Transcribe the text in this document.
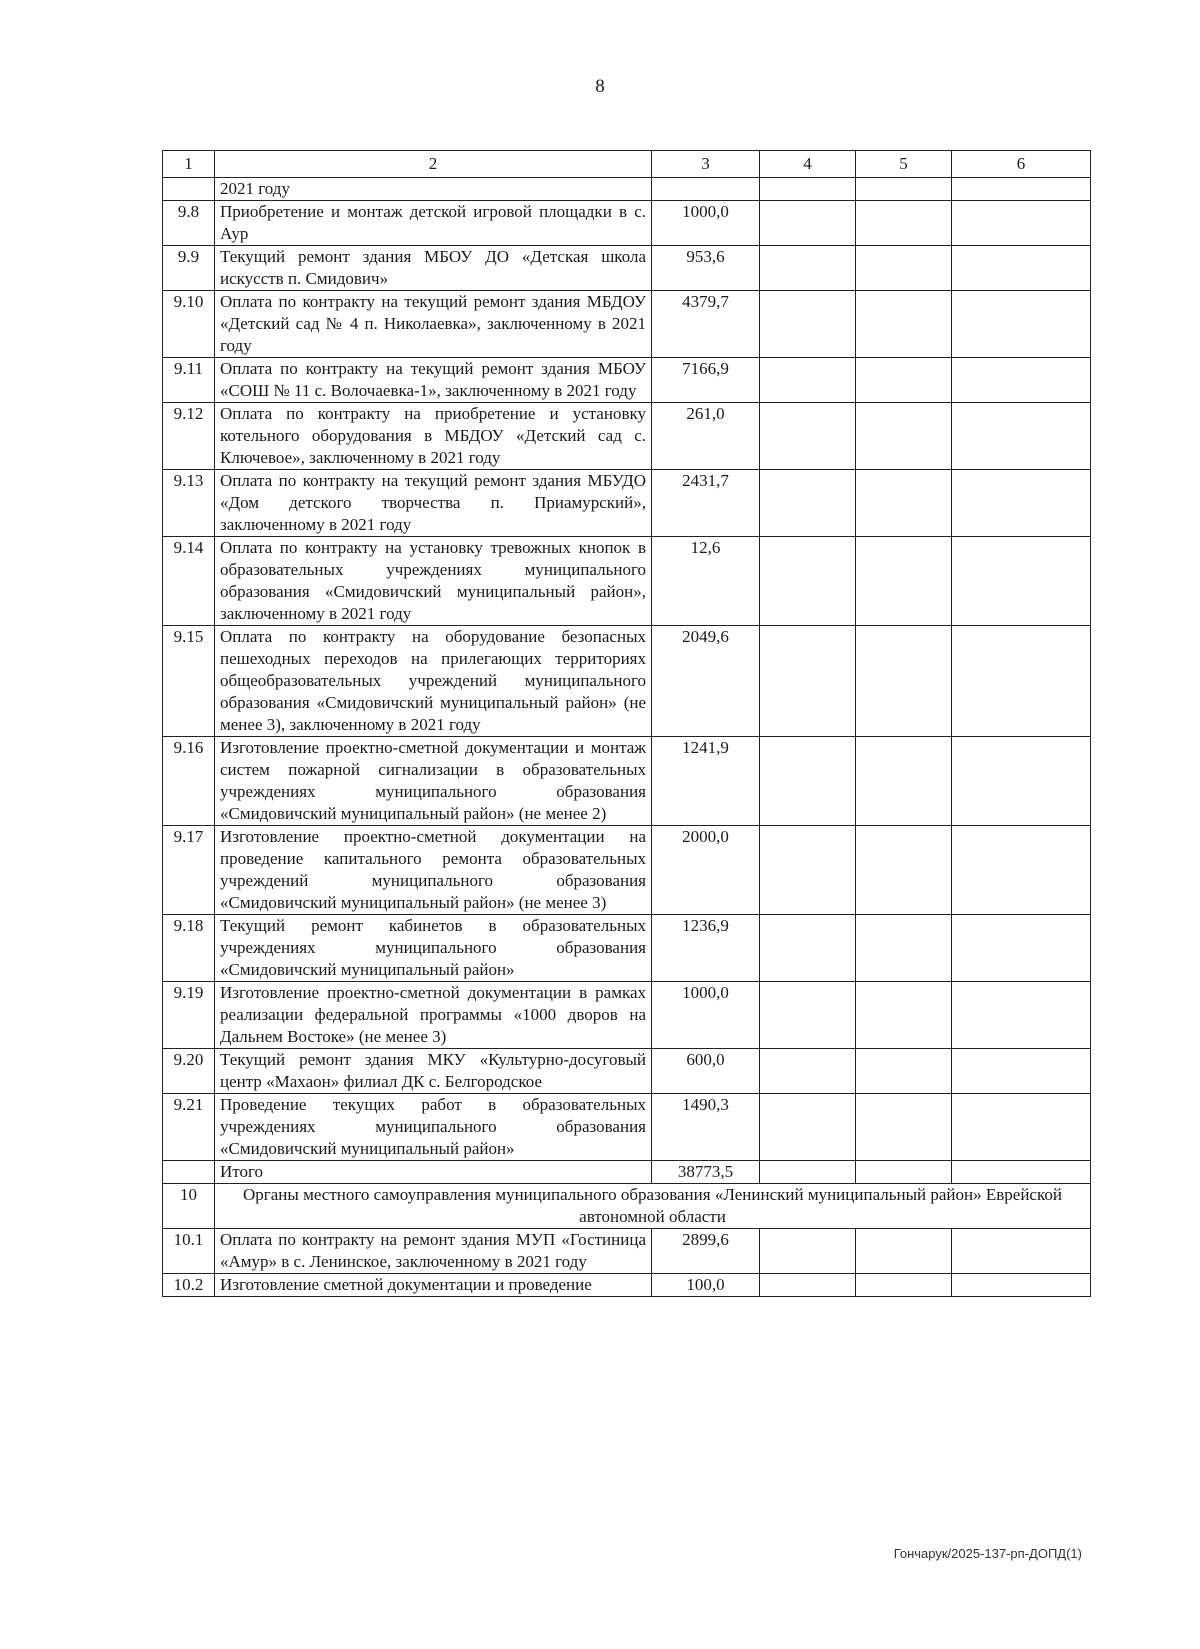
8
1	2	3	4	5	6
	2021 году				
9.8	Приобретение и монтаж детской игровой площадки в с. Аур	1000,0			
9.9	Текущий ремонт здания МБОУ ДО «Детская школа искусств п. Смидович»	953,6			
9.10	Оплата по контракту на текущий ремонт здания МБДОУ «Детский сад № 4 п. Николаевка», заключенному в 2021 году	4379,7			
9.11	Оплата по контракту на текущий ремонт здания МБОУ «СОШ № 11 с. Волочаевка-1», заключенному в 2021 году	7166,9			
9.12	Оплата по контракту на приобретение и установку котельного оборудования в МБДОУ «Детский сад с. Ключевое», заключенному в 2021 году	261,0			
9.13	Оплата по контракту на текущий ремонт здания МБУДО «Дом детского творчества п. Приамурский», заключенному в 2021 году	2431,7			
9.14	Оплата по контракту на установку тревожных кнопок в образовательных учреждениях муниципального образования «Смидовичский муниципальный район», заключенному в 2021 году	12,6			
9.15	Оплата по контракту на оборудование безопасных пешеходных переходов на прилегающих территориях общеобразовательных учреждений муниципального образования «Смидовичский муниципальный район» (не менее 3), заключенному в 2021 году	2049,6			
9.16	Изготовление проектно-сметной документации и монтаж систем пожарной сигнализации в образовательных учреждениях муниципального образования «Смидовичский муниципальный район» (не менее 2)	1241,9			
9.17	Изготовление проектно-сметной документации на проведение капитального ремонта образовательных учреждений муниципального образования «Смидовичский муниципальный район» (не менее 3)	2000,0			
9.18	Текущий ремонт кабинетов в образовательных учреждениях муниципального образования «Смидовичский муниципальный район»	1236,9			
9.19	Изготовление проектно-сметной документации в рамках реализации федеральной программы «1000 дворов на Дальнем Востоке» (не менее 3)	1000,0			
9.20	Текущий ремонт здания МКУ «Культурно-досуговый центр «Махаон» филиал ДК с. Белгородское	600,0			
9.21	Проведение текущих работ в образовательных учреждениях муниципального образования «Смидовичский муниципальный район»	1490,3			
	Итого	38773,5			
10	Органы местного самоуправления муниципального образования «Ленинский муниципальный район» Еврейской автономной области				
10.1	Оплата по контракту на ремонт здания МУП «Гостиница «Амур» в с. Ленинское, заключенному в 2021 году	2899,6			
10.2	Изготовление сметной документации и проведение	100,0			
Гончарук/2025-137-рп-ДОПД(1)
